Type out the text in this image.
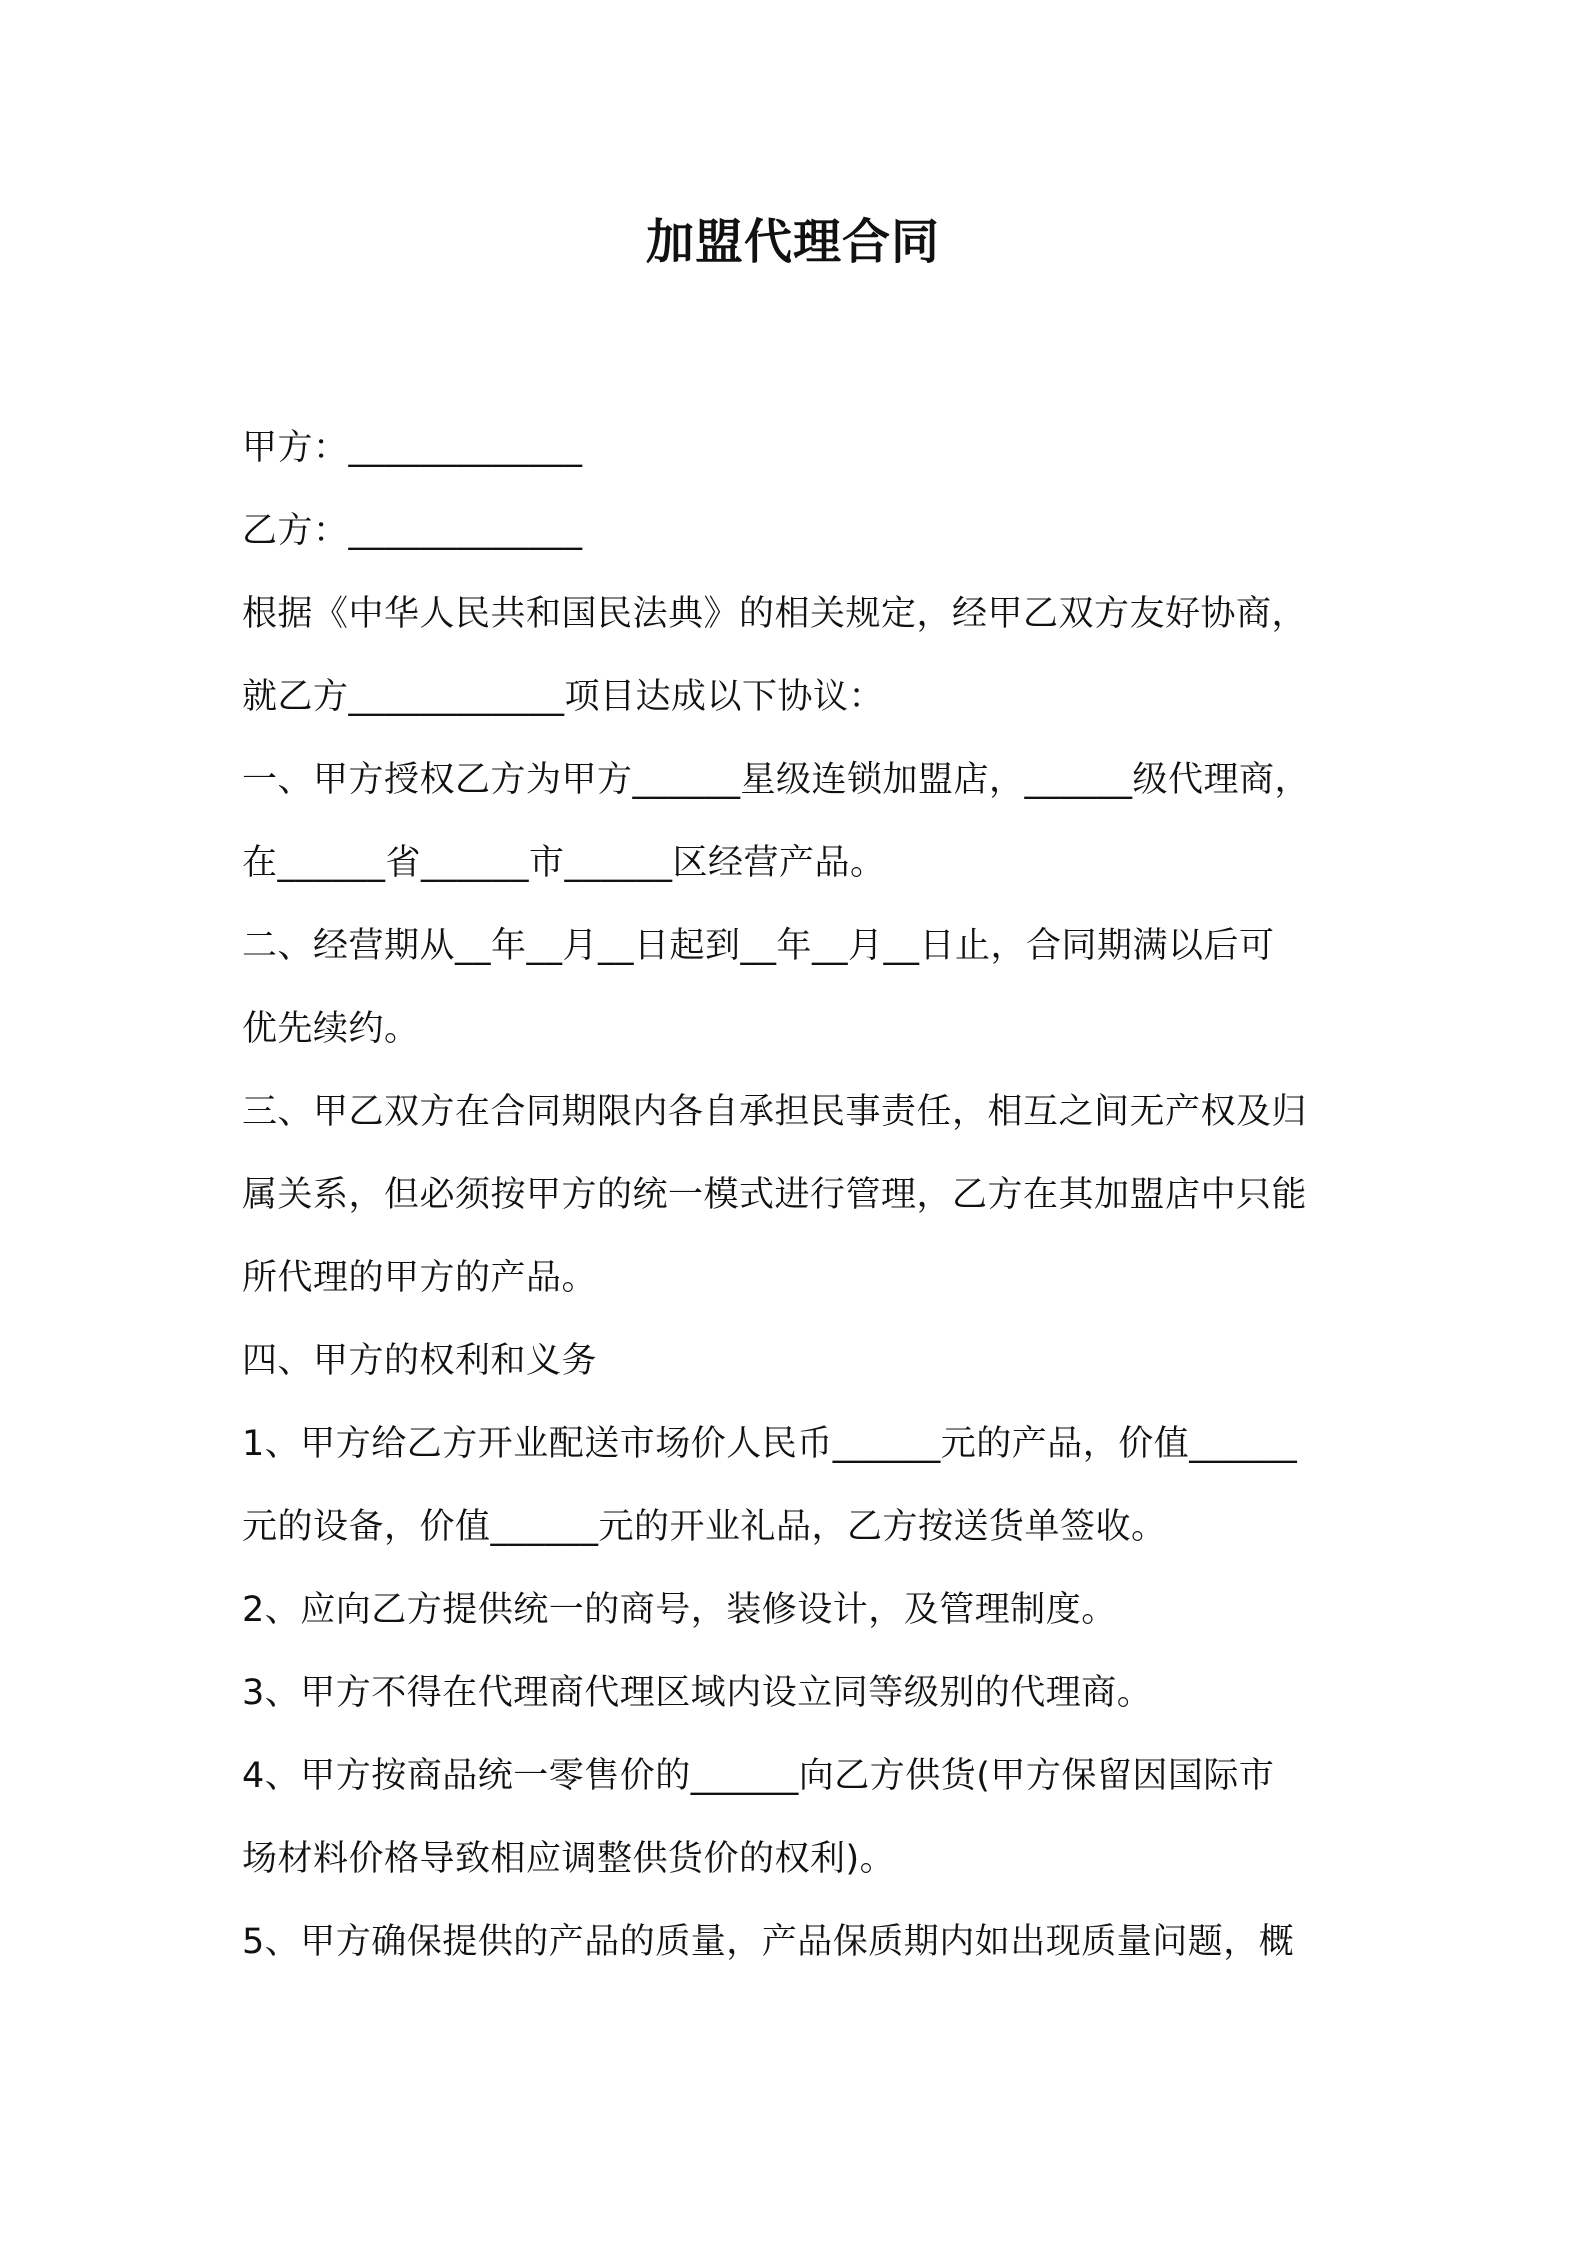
加盟代理合同
甲方：_____________
乙方：_____________
根据《中华人民共和国民法典》的相关规定，经甲乙双方友好协商，
就乙方____________项目达成以下协议：
一、甲方授权乙方为甲方______星级连锁加盟店，______级代理商，
在______省______市______区经营产品。
二、经营期从__年__月__日起到__年__月__日止，合同期满以后可
优先续约。
三、甲乙双方在合同期限内各自承担民事责任，相互之间无产权及归
属关系，但必须按甲方的统一模式进行管理，乙方在其加盟店中只能
所代理的甲方的产品。
四、甲方的权利和义务
1、甲方给乙方开业配送市场价人民币______元的产品，价值______
元的设备，价值______元的开业礼品，乙方按送货单签收。
2、应向乙方提供统一的商号，装修设计，及管理制度。
3、甲方不得在代理商代理区域内设立同等级别的代理商。
4、甲方按商品统一零售价的______向乙方供货(甲方保留因国际市
场材料价格导致相应调整供货价的权利)。
5、甲方确保提供的产品的质量，产品保质期内如出现质量问题，概
